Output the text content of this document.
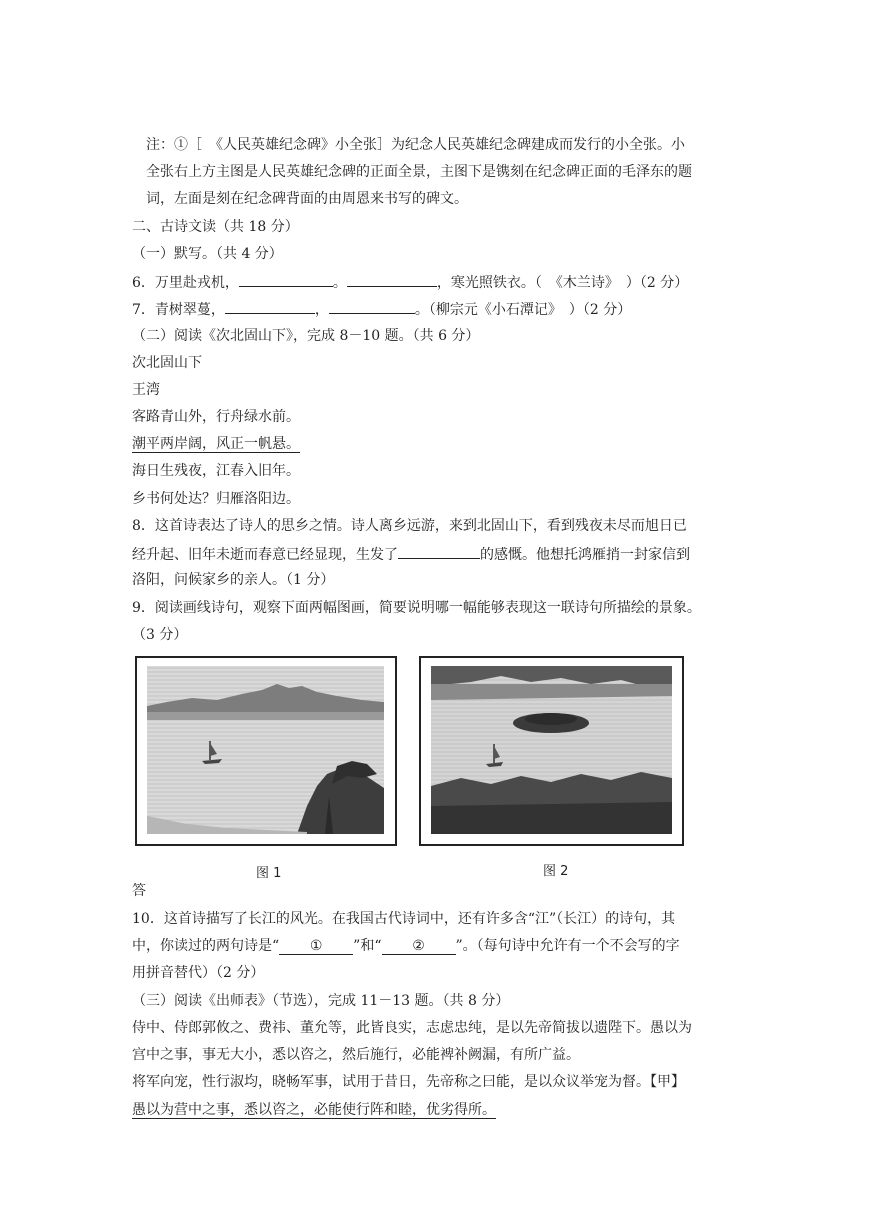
注：①［　《人民英雄纪念碑》小全张］为纪念人民英雄纪念碑建成而发行的小全张。小
全张右上方主图是人民英雄纪念碑的正面全景，主图下是镌刻在纪念碑正面的毛泽东的题
词，左面是刻在纪念碑背面的由周恩来书写的碑文。
二、古诗文读（共 18 分）
（一）默写。（共 4 分）
6．万里赴戎机，	。	，寒光照铁衣。（　《木兰诗》　）（2 分）
7．青树翠蔓，	，	。（柳宗元《小石潭记》　）（2 分）
（二）阅读《次北固山下》，完成 8－10 题。（共 6 分）
次北固山下
王湾
客路青山外，行舟绿水前。
潮平两岸阔，风正一帆悬。
海日生残夜，江春入旧年。
乡书何处达？归雁洛阳边。
8．这首诗表达了诗人的思乡之情。诗人离乡远游，来到北固山下，看到残夜未尽而旭日已
经升起、旧年未逝而春意已经显现，生发了	的感慨。他想托鸿雁捎一封家信到
洛阳，问候家乡的亲人。（1 分）
9．阅读画线诗句，观察下面两幅图画，简要说明哪一幅能够表现这一联诗句所描绘的景象。
（3 分）
图 1	图 2
答
10．这首诗描写了长江的风光。在我国古代诗词中，还有许多含“江”（长江）的诗句，其
中，你读过的两句诗是“ ① ”和“ ② ”。（每句诗中允许有一个不会写的字
用拼音替代）（2 分）
（三）阅读《出师表》（节选），完成 11－13 题。（共 8 分）
侍中、侍郎郭攸之、费祎、董允等，此皆良实，志虑忠纯，是以先帝简拔以遗陛下。愚以为
宫中之事，事无大小，悉以咨之，然后施行，必能裨补阙漏，有所广益。
将军向宠，性行淑均，晓畅军事，试用于昔日，先帝称之曰能，是以众议举宠为督。【甲】
愚以为营中之事，悉以咨之，必能使行阵和睦，优劣得所。
